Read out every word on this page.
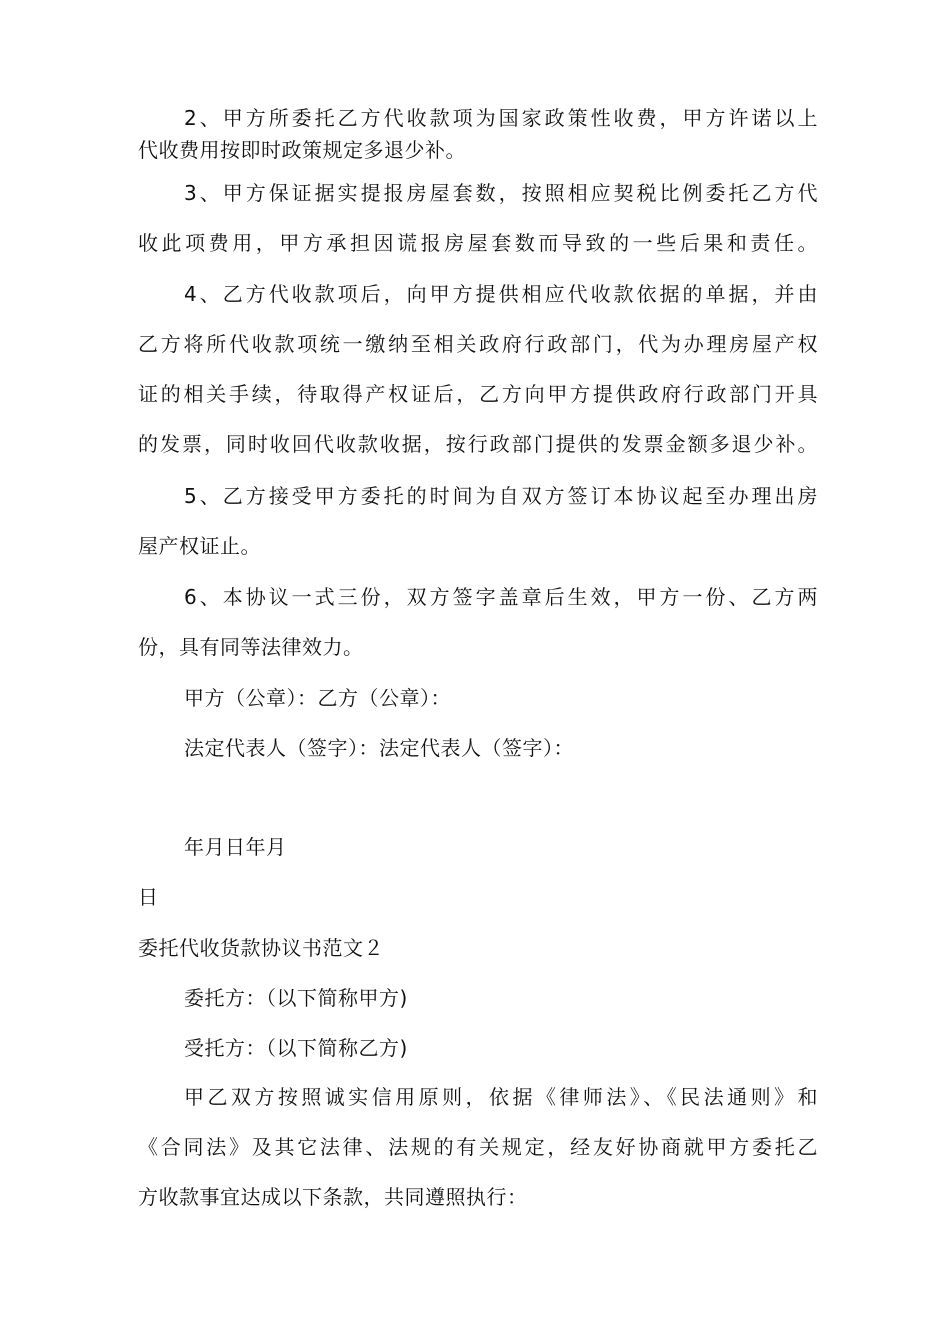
2、甲方所委托乙方代收款项为国家政策性收费，甲方许诺以上
代收费用按即时政策规定多退少补。
3、甲方保证据实提报房屋套数，按照相应契税比例委托乙方代
收此项费用，甲方承担因谎报房屋套数而导致的一些后果和责任。
4、乙方代收款项后，向甲方提供相应代收款依据的单据，并由
乙方将所代收款项统一缴纳至相关政府行政部门，代为办理房屋产权
证的相关手续，待取得产权证后，乙方向甲方提供政府行政部门开具
的发票，同时收回代收款收据，按行政部门提供的发票金额多退少补。
5、乙方接受甲方委托的时间为自双方签订本协议起至办理出房
屋产权证止。
6、本协议一式三份，双方签字盖章后生效，甲方一份、乙方两
份，具有同等法律效力。
甲方（公章）：乙方（公章）：
法定代表人（签字）：法定代表人（签字）：
年月日年月
日
委托代收货款协议书范文２
委托方：（以下简称甲方)
受托方：（以下简称乙方)
甲乙双方按照诚实信用原则，依据《律师法》、《民法通则》和
《合同法》及其它法律、法规的有关规定，经友好协商就甲方委托乙
方收款事宜达成以下条款，共同遵照执行：
